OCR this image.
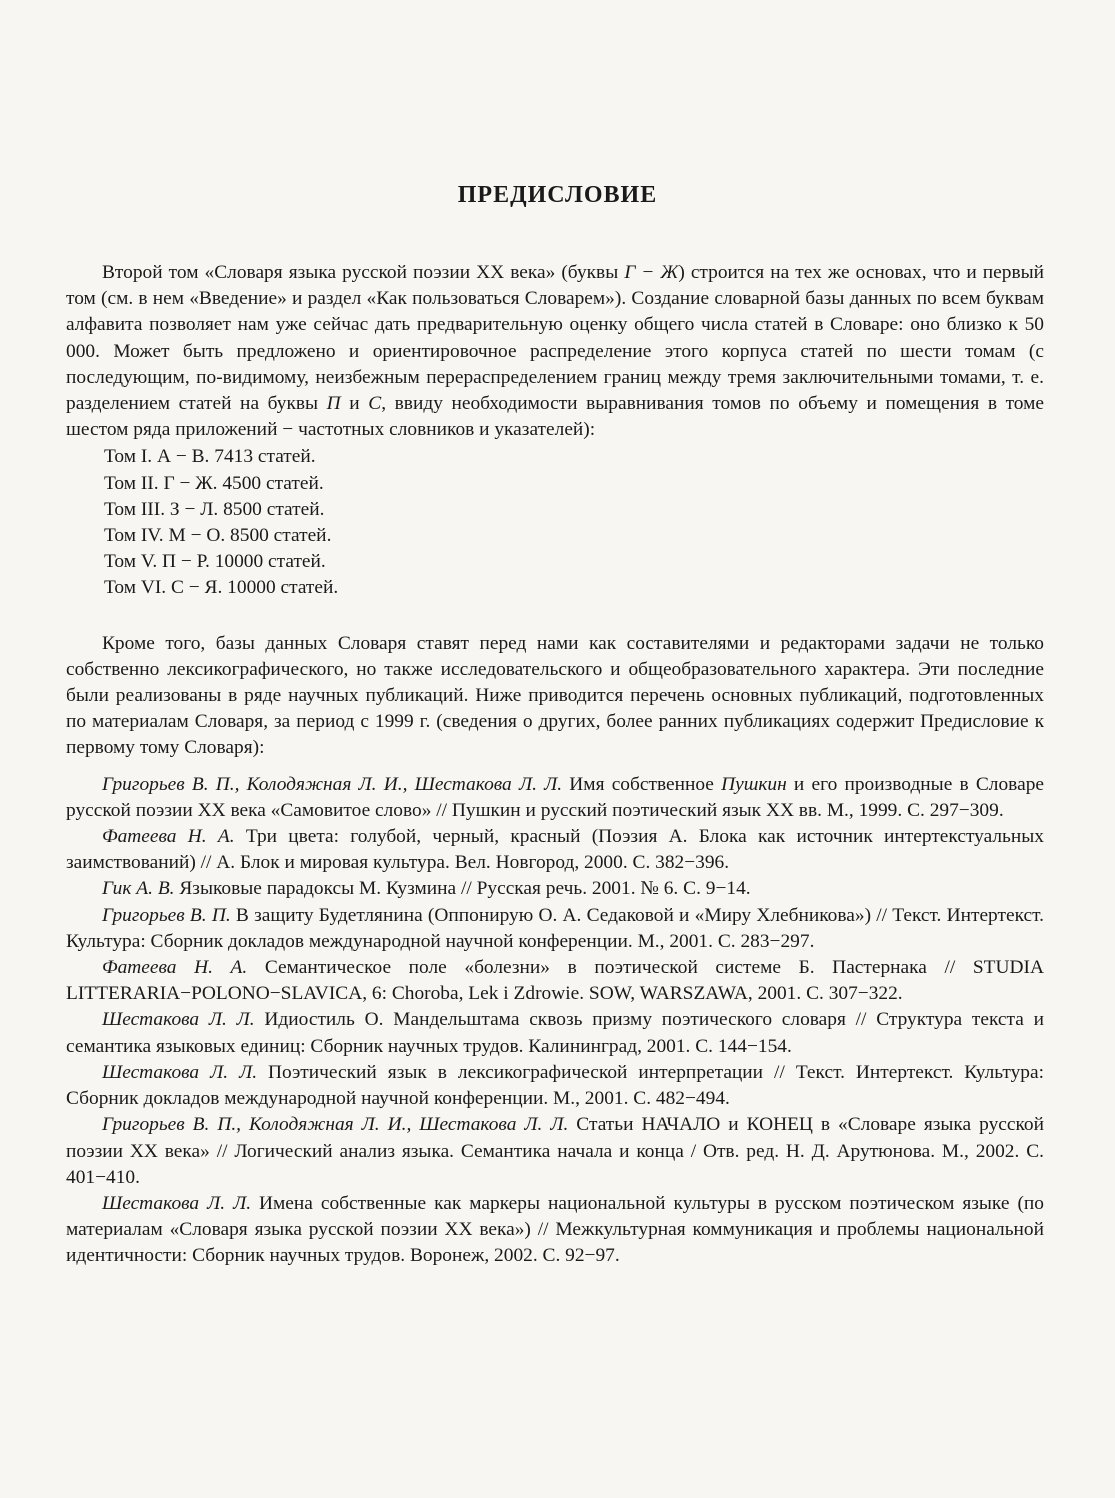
ПРЕДИСЛОВИЕ

Второй том «Словаря языка русской поэзии XX века» (буквы Г − Ж) строится на тех же основах, что и первый том (см. в нем «Введение» и раздел «Как пользоваться Словарем»). Создание словарной базы данных по всем буквам алфавита позволяет нам уже сейчас дать предварительную оценку общего числа статей в Словаре: оно близко к 50 000. Может быть предложено и ориентировочное распределение этого корпуса статей по шести томам (с последующим, по-видимому, неизбежным перераспределением границ между тремя заключительными томами, т. е. разделением статей на буквы П и С, ввиду необходимости выравнивания томов по объему и помещения в томе шестом ряда приложений − частотных словников и указателей):

Том I. А − В. 7413 статей.
Том II. Г − Ж. 4500 статей.
Том III. З − Л. 8500 статей.
Том IV. М − О. 8500 статей.
Том V. П − Р. 10000 статей.
Том VI. С − Я. 10000 статей.

Кроме того, базы данных Словаря ставят перед нами как составителями и редакторами задачи не только собственно лексикографического, но также исследовательского и общеобразовательного характера. Эти последние были реализованы в ряде научных публикаций. Ниже приводится перечень основных публикаций, подготовленных по материалам Словаря, за период с 1999 г. (сведения о других, более ранних публикациях содержит Предисловие к первому тому Словаря):

Григорьев В. П., Колодяжная Л. И., Шестакова Л. Л. Имя собственное Пушкин и его производные в Словаре русской поэзии XX века «Самовитое слово» // Пушкин и русский поэтический язык XX вв. М., 1999. С. 297−309.

Фатеева Н. А. Три цвета: голубой, черный, красный (Поэзия А. Блока как источник интертекстуальных заимствований) // А. Блок и мировая культура. Вел. Новгород, 2000. С. 382−396.

Гик А. В. Языковые парадоксы М. Кузмина // Русская речь. 2001. № 6. С. 9−14.

Григорьев В. П. В защиту Будетлянина (Оппонирую О. А. Седаковой и «Миру Хлебникова») // Текст. Интертекст. Культура: Сборник докладов международной научной конференции. М., 2001. С. 283−297.

Фатеева Н. А. Семантическое поле «болезни» в поэтической системе Б. Пастернака // STUDIA LITTERARIA−POLONO−SLAVICA, 6: Choroba, Lek i Zdrowie. SOW, WARSZAWA, 2001. С. 307−322.

Шестакова Л. Л. Идиостиль О. Мандельштама сквозь призму поэтического словаря // Структура текста и семантика языковых единиц: Сборник научных трудов. Калининград, 2001. С. 144−154.

Шестакова Л. Л. Поэтический язык в лексикографической интерпретации // Текст. Интертекст. Культура: Сборник докладов международной научной конференции. М., 2001. С. 482−494.

Григорьев В. П., Колодяжная Л. И., Шестакова Л. Л. Статьи НАЧАЛО и КОНЕЦ в «Словаре языка русской поэзии XX века» // Логический анализ языка. Семантика начала и конца / Отв. ред. Н. Д. Арутюнова. М., 2002. С. 401−410.

Шестакова Л. Л. Имена собственные как маркеры национальной культуры в русском поэтическом языке (по материалам «Словаря языка русской поэзии XX века») // Межкультурная коммуникация и проблемы национальной идентичности: Сборник научных трудов. Воронеж, 2002. С. 92−97.
